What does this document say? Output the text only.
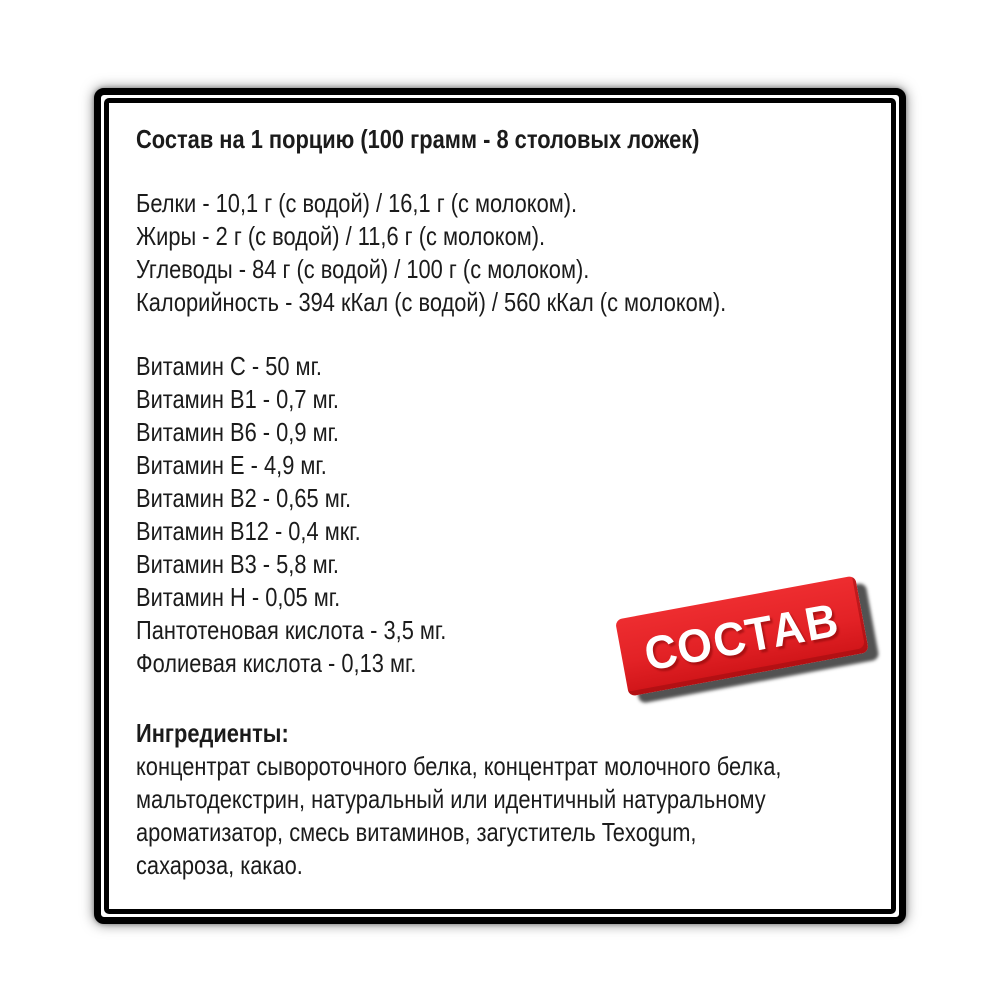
Состав на 1 порцию (100 грамм - 8 столовых ложек)
Белки - 10,1 г (с водой) / 16,1 г (с молоком).
Жиры - 2 г (с водой) / 11,6 г (с молоком).
Углеводы - 84 г (с водой) / 100 г (с молоком).
Калорийность - 394 кКал (с водой) / 560 кКал (с молоком).
Витамин С - 50 мг.
Витамин В1 - 0,7 мг.
Витамин В6 - 0,9 мг.
Витамин Е - 4,9 мг.
Витамин В2 - 0,65 мг.
Витамин В12 - 0,4 мкг.
Витамин В3 - 5,8 мг.
Витамин Н - 0,05 мг.
Пантотеновая кислота - 3,5 мг.
Фолиевая кислота - 0,13 мг.
Ингредиенты:
концентрат сывороточного белка, концентрат молочного белка,
мальтодекстрин, натуральный или идентичный натуральному
ароматизатор, смесь витаминов, загуститель Texogum,
сахароза, какао.
СОСТАВ
